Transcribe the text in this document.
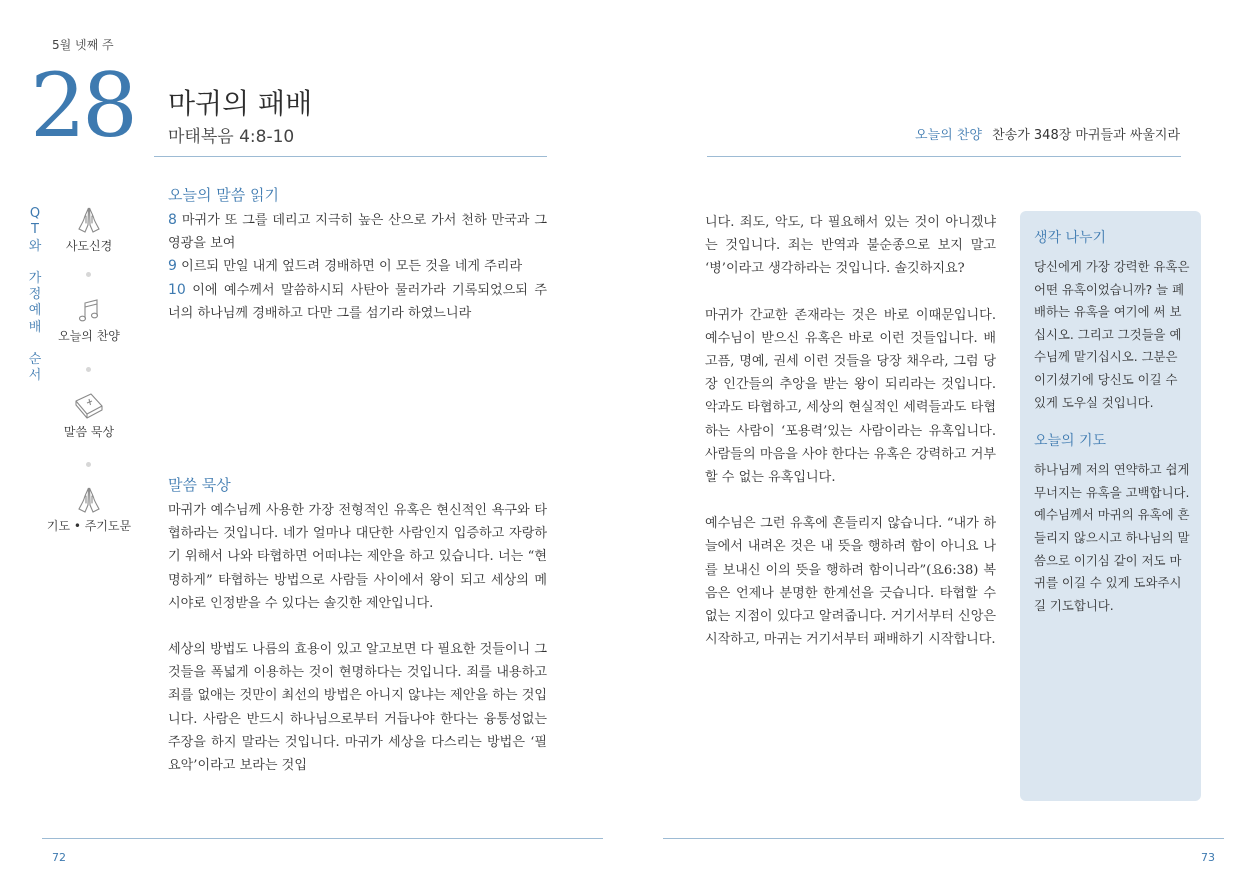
5월 넷째 주
28 마귀의 패배
마태복음 4:8-10	오늘의 찬양 찬송가 348장 마귀들과 싸울지라
Q
T
와
가
정
예
배
순
서
사도신경
오늘의 찬양
말씀 묵상
기도 • 주기도문
오늘의 말씀 읽기

8 마귀가 또 그를 데리고 지극히 높은 산으로 가서 천하 만국과 그 영광을 보여
9 이르되 만일 내게 엎드려 경배하면 이 모든 것을 네게 주리라
10 이에 예수께서 말씀하시되 사탄아 물러가라 기록되었으되 주 너의 하나님께 경배하고 다만 그를 섬기라 하였느니라

말씀 묵상

마귀가 예수님께 사용한 가장 전형적인 유혹은 현신적인 욕구와 타협하라는 것입니다. 네가 얼마나 대단한 사람인지 입증하고 자랑하기 위해서 나와 타협하면 어떠냐는 제안을 하고 있습니다. 너는 “현명하게” 타협하는 방법으로 사람들 사이에서 왕이 되고 세상의 메시야로 인정받을 수 있다는 솔깃한 제안입니다.

세상의 방법도 나름의 효용이 있고 알고보면 다 필요한 것들이니 그것들을 폭넓게 이용하는 것이 현명하다는 것입니다. 죄를 내용하고 죄를 없애는 것만이 최선의 방법은 아니지 않냐는 제안을 하는 것입니다. 사람은 반드시 하나님으로부터 거듭나야 한다는 융통성없는 주장을 하지 말라는 것입니다. 마귀가 세상을 다스리는 방법은 ‘필요악’이라고 보라는 것입

니다. 죄도, 악도, 다 필요해서 있는 것이 아니겠냐는 것입니다. 죄는 반역과 불순종으로 보지 말고 ‘병’이라고 생각하라는 것입니다. 솔깃하지요?

마귀가 간교한 존재라는 것은 바로 이때문입니다. 예수님이 받으신 유혹은 바로 이런 것들입니다. 배고픔, 명예, 권세 이런 것들을 당장 채우라, 그럼 당장 인간들의 추앙을 받는 왕이 되리라는 것입니다. 악과도 타협하고, 세상의 현실적인 세력들과도 타협하는 사람이 ‘포용력’있는 사람이라는 유혹입니다. 사람들의 마음을 사야 한다는 유혹은 강력하고 거부할 수 없는 유혹입니다.

예수님은 그런 유혹에 흔들리지 않습니다. “내가 하늘에서 내려온 것은 내 뜻을 행하려 함이 아니요 나를 보내신 이의 뜻을 행하려 함이니라”(요6:38) 복음은 언제나 분명한 한계선을 긋습니다. 타협할 수 없는 지점이 있다고 알려줍니다. 거기서부터 신앙은 시작하고, 마귀는 거기서부터 패배하기 시작합니다.

생각 나누기
당신에게 가장 강력한 유혹은 어떤 유혹이었습니까? 늘 폐배하는 유혹을 여기에 써 보십시오. 그리고 그것들을 예수님께 맡기십시오. 그분은 이기셨기에 당신도 이길 수 있게 도우실 것입니다.
오늘의 기도
하나님께 저의 연약하고 쉽게 무너지는 유혹을 고백합니다. 예수님께서 마귀의 유혹에 흔들리지 않으시고 하나님의 말씀으로 이기심 같이 저도 마귀를 이길 수 있게 도와주시길 기도합니다.
72	73
